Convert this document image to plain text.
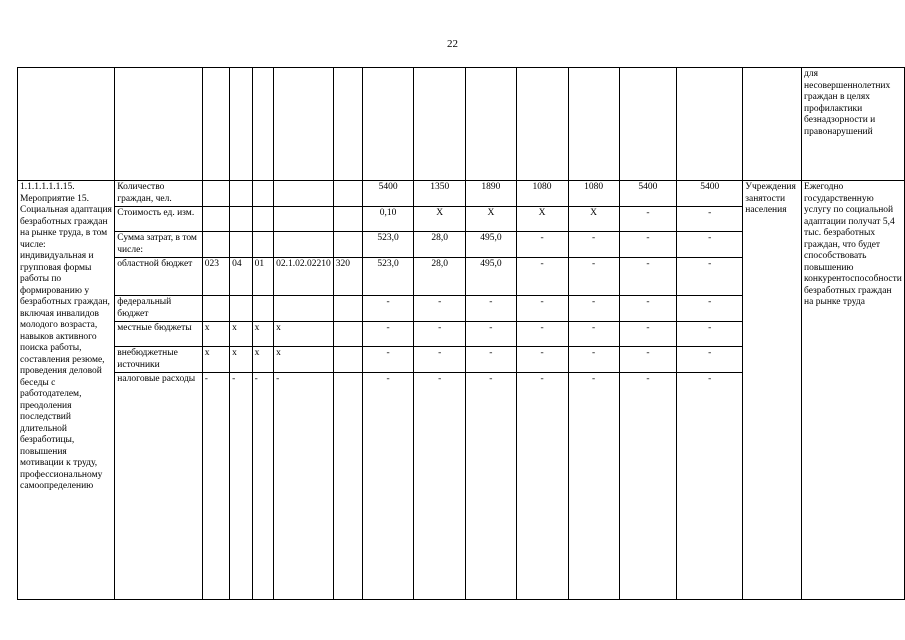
22
															для несовершеннолетних граждан в целях профилактики безнадзорности и правонарушений
1.1.1.1.1.1.15. Мероприятие 15. Социальная адаптация безработных граждан на рынке труда, в том числе: индивидуальная и групповая формы работы по формированию у безработных граждан, включая инвалидов молодого возраста, навыков активного поиска работы, составления резюме, проведения деловой беседы с работодателем, преодоления последствий длительной безработицы, повышения мотивации к труду, профессиональному самоопределению	Количество граждан, чел.						5400	1350	1890	1080	1080	5400	5400	Учреждения занятости населения	Ежегодно государственную услугу по социальной адаптации получат 5,4 тыс. безработных граждан, что будет способствовать повышению конкурентоспособности безработных граждан на рынке труда
	Стоимость ед. изм.						0,10	Х	Х	Х	Х	-	-		
	Сумма затрат, в том числе:						523,0	28,0	495,0	-	-	-	-		
	областной бюджет	023	04	01	02.1.02.02210	320	523,0	28,0	495,0	-	-	-	-		
	федеральный бюджет						-	-	-	-	-	-	-		
	местные бюджеты	х	х	х	х		-	-	-	-	-	-	-		
	внебюджетные источники	х	х	х	х		-	-	-	-	-	-	-		
	налоговые расходы	-	-	-	-		-	-	-	-	-	-	-		
